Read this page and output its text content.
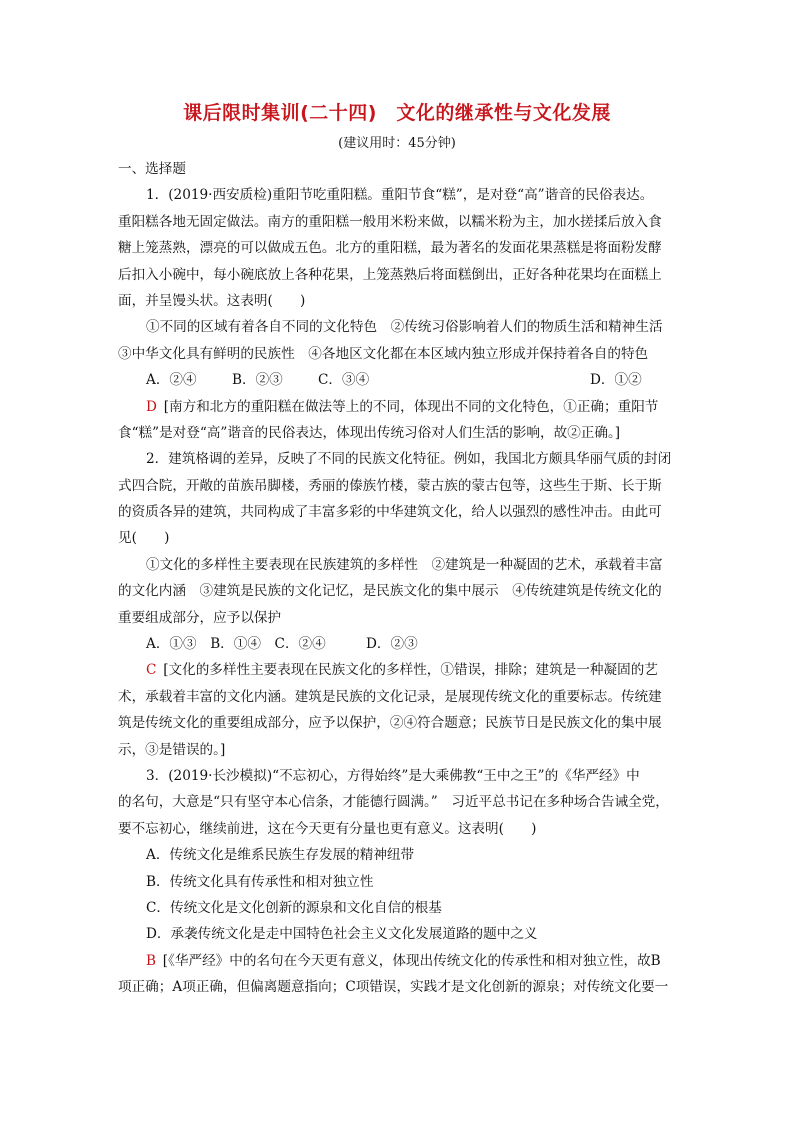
课后限时集训(二十四)　文化的继承性与文化发展
(建议用时：45分钟)
一、选择题
1．(2019·西安质检)重阳节吃重阳糕。重阳节食“糕”，是对登“高”谐音的民俗表达。
重阳糕各地无固定做法。南方的重阳糕一般用米粉来做，以糯米粉为主，加水搓揉后放入食
糖上笼蒸熟，漂亮的可以做成五色。北方的重阳糕，最为著名的发面花果蒸糕是将面粉发酵
后扣入小碗中，每小碗底放上各种花果，上笼蒸熟后将面糕倒出，正好各种花果均在面糕上
面，并呈馒头状。这表明(　　)
①不同的区域有着各自不同的文化特色　②传统习俗影响着人们的物质生活和精神生活
③中华文化具有鲜明的民族性　④各地区文化都在本区域内独立形成并保持着各自的特色
A．②④	B．②③	C．③④	D．①②
D  [南方和北方的重阳糕在做法等上的不同，体现出不同的文化特色，①正确；重阳节
食“糕”是对登“高”谐音的民俗表达，体现出传统习俗对人们生活的影响，故②正确。]
2．建筑格调的差异，反映了不同的民族文化特征。例如，我国北方颇具华丽气质的封闭
式四合院，开敞的苗族吊脚楼，秀丽的傣族竹楼，蒙古族的蒙古包等，这些生于斯、长于斯
的资质各异的建筑，共同构成了丰富多彩的中华建筑文化，给人以强烈的感性冲击。由此可
见(　　)
①文化的多样性主要表现在民族建筑的多样性　②建筑是一种凝固的艺术，承载着丰富
的文化内涵　③建筑是民族的文化记忆，是民族文化的集中展示　④传统建筑是传统文化的
重要组成部分，应予以保护
A．①③　B．①④　C．②④	D．②③
C  [文化的多样性主要表现在民族文化的多样性，①错误，排除；建筑是一种凝固的艺
术，承载着丰富的文化内涵。建筑是民族的文化记录，是展现传统文化的重要标志。传统建
筑是传统文化的重要组成部分，应予以保护，②④符合题意；民族节日是民族文化的集中展
示，③是错误的。]
3．(2019·长沙模拟)“不忘初心，方得始终”是大乘佛教“王中之王”的《华严经》中
的名句，大意是“只有坚守本心信条，才能德行圆满。”　习近平总书记在多种场合告诫全党，
要不忘初心，继续前进，这在今天更有分量也更有意义。这表明(　　)
A．传统文化是维系民族生存发展的精神纽带
B．传统文化具有传承性和相对独立性
C．传统文化是文化创新的源泉和文化自信的根基
D．承袭传统文化是走中国特色社会主义文化发展道路的题中之义
B  [《华严经》中的名句在今天更有意义，体现出传统文化的传承性和相对独立性，故B
项正确；A项正确，但偏离题意指向；C项错误，实践才是文化创新的源泉；对传统文化要一
